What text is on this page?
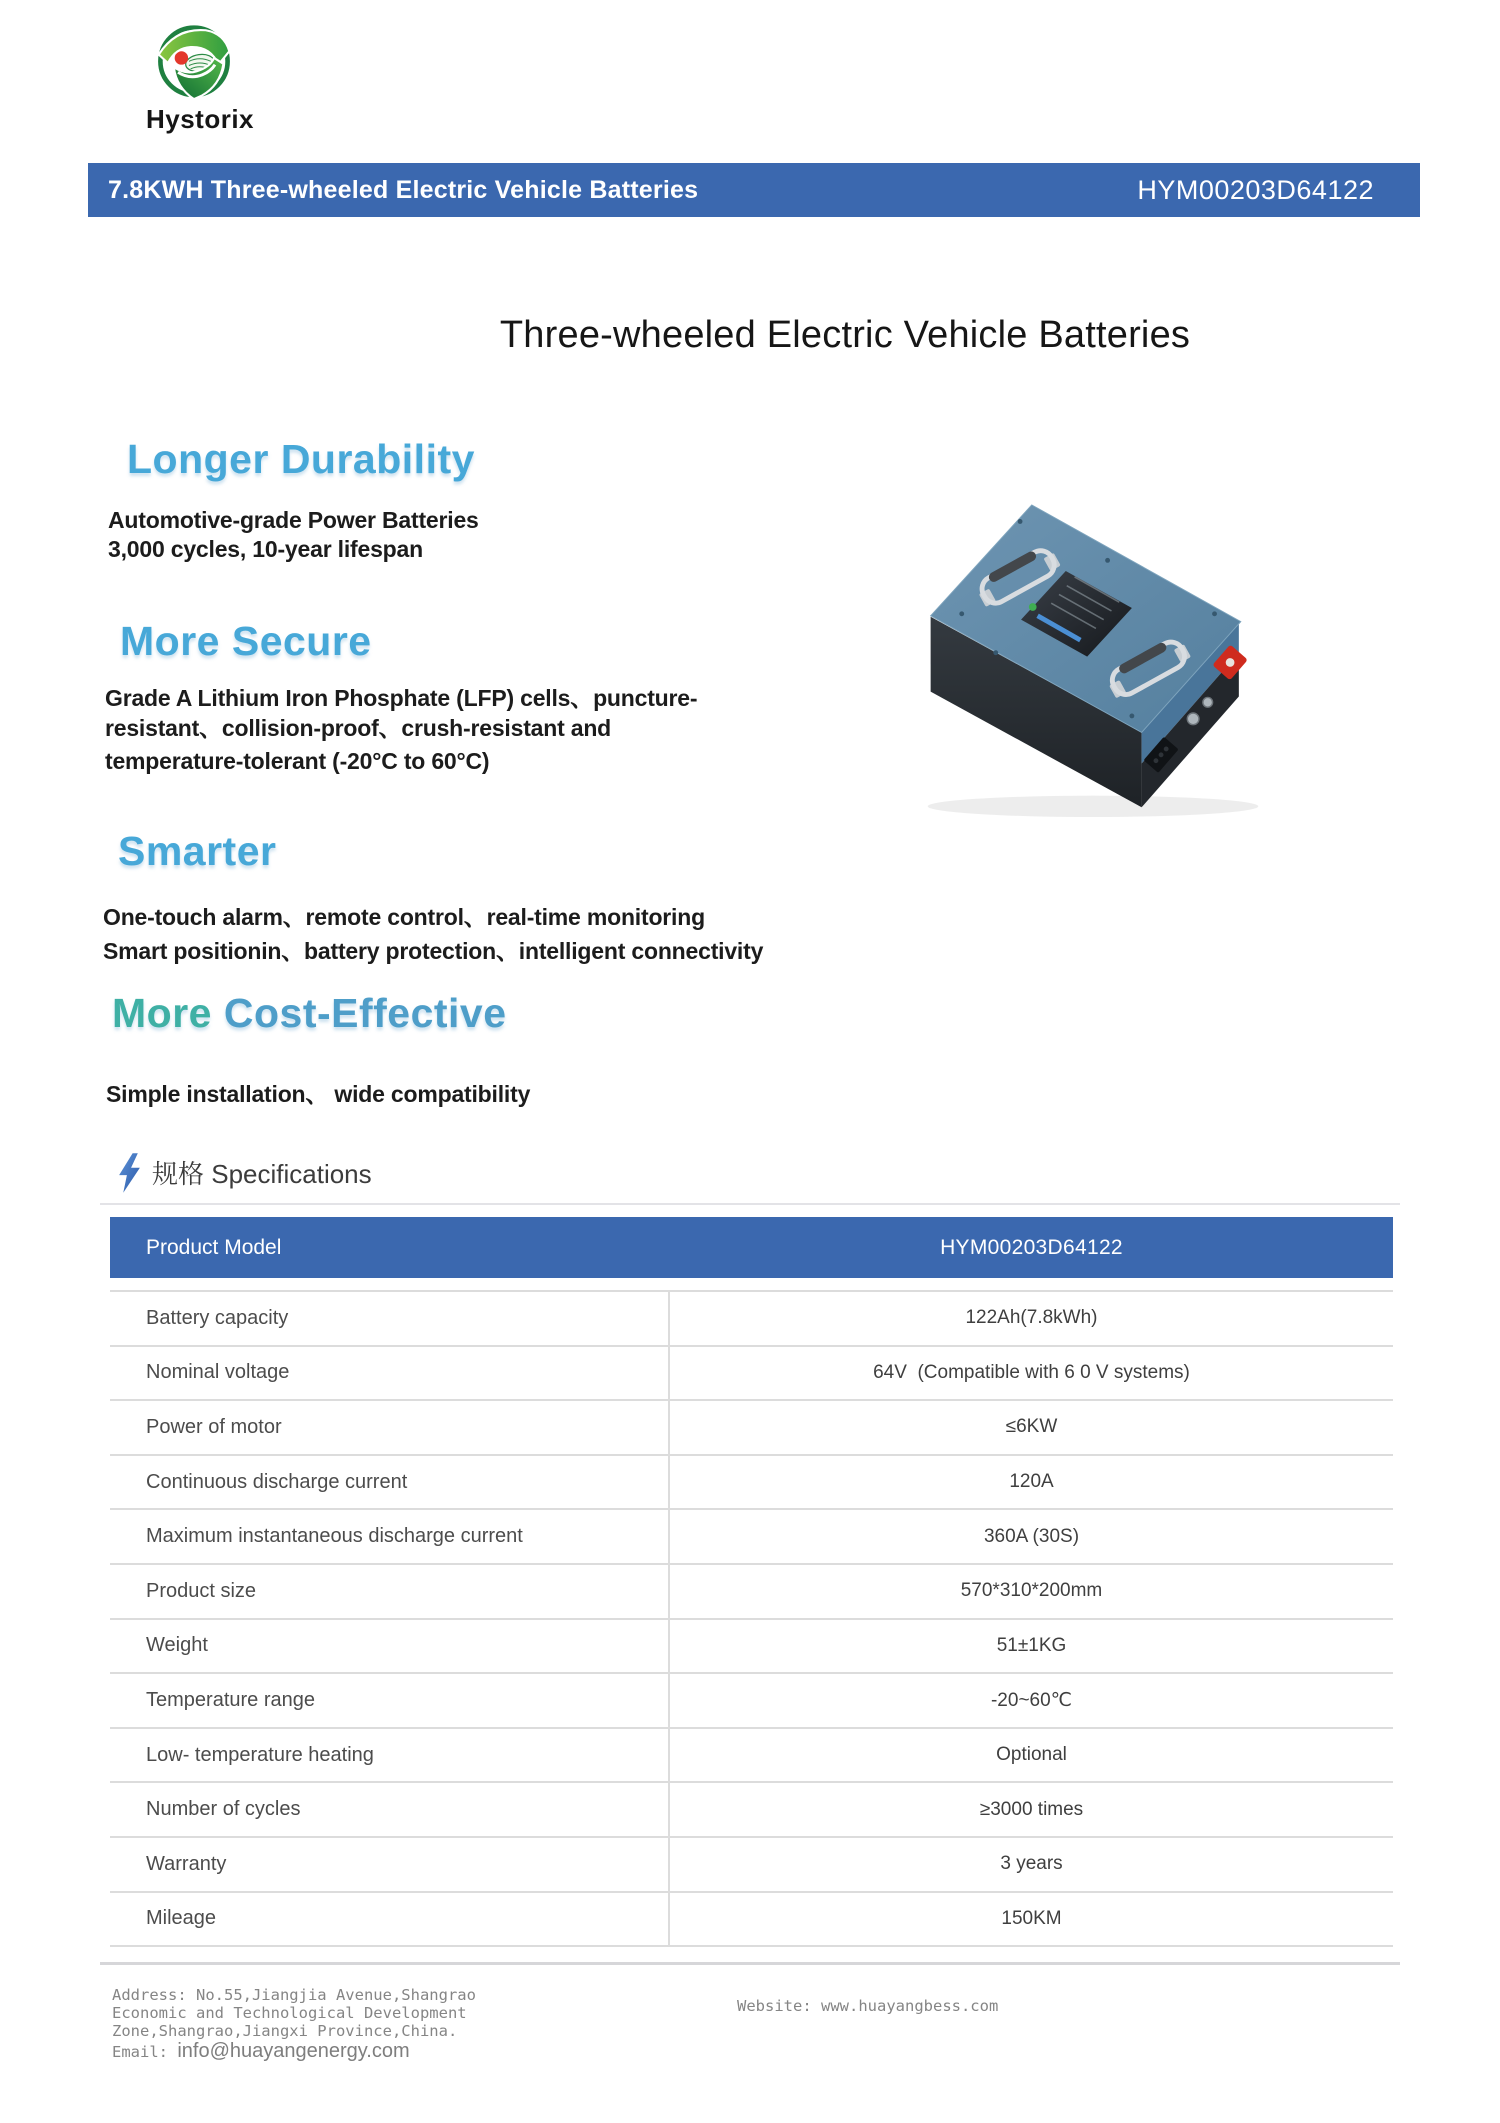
Hystorix
7.8KWH Three-wheeled Electric Vehicle Batteries	HYM00203D64122
Three-wheeled Electric Vehicle Batteries
Longer Durability
Automotive-grade Power Batteries
3,000 cycles, 10-year lifespan
More Secure
Grade A Lithium Iron Phosphate (LFP) cells、puncture-
resistant、collision-proof、crush-resistant and
temperature-tolerant (-20°C to 60°C)
Smarter
One-touch alarm、remote control、real-time monitoring
Smart positionin、battery protection、intelligent connectivity
More Cost-Effective
Simple installation、 wide compatibility
规格 Specifications
Product Model	HYM00203D64122
Battery capacity	122Ah(7.8kWh)
Nominal voltage	64V  (Compatible with 6 0 V systems)
Power of motor	≤6KW
Continuous discharge current	120A
Maximum instantaneous discharge current	360A (30S)
Product size	570*310*200mm
Weight	51±1KG
Temperature range	-20~60℃
Low- temperature heating	Optional
Number of cycles	≥3000 times
Warranty	3 years
Mileage	150KM
Address: No.55,Jiangjia Avenue,Shangrao
Economic and Technological Development
Zone,Shangrao,Jiangxi Province,China.
Email: info@huayangenergy.com
Website: www.huayangbess.com
